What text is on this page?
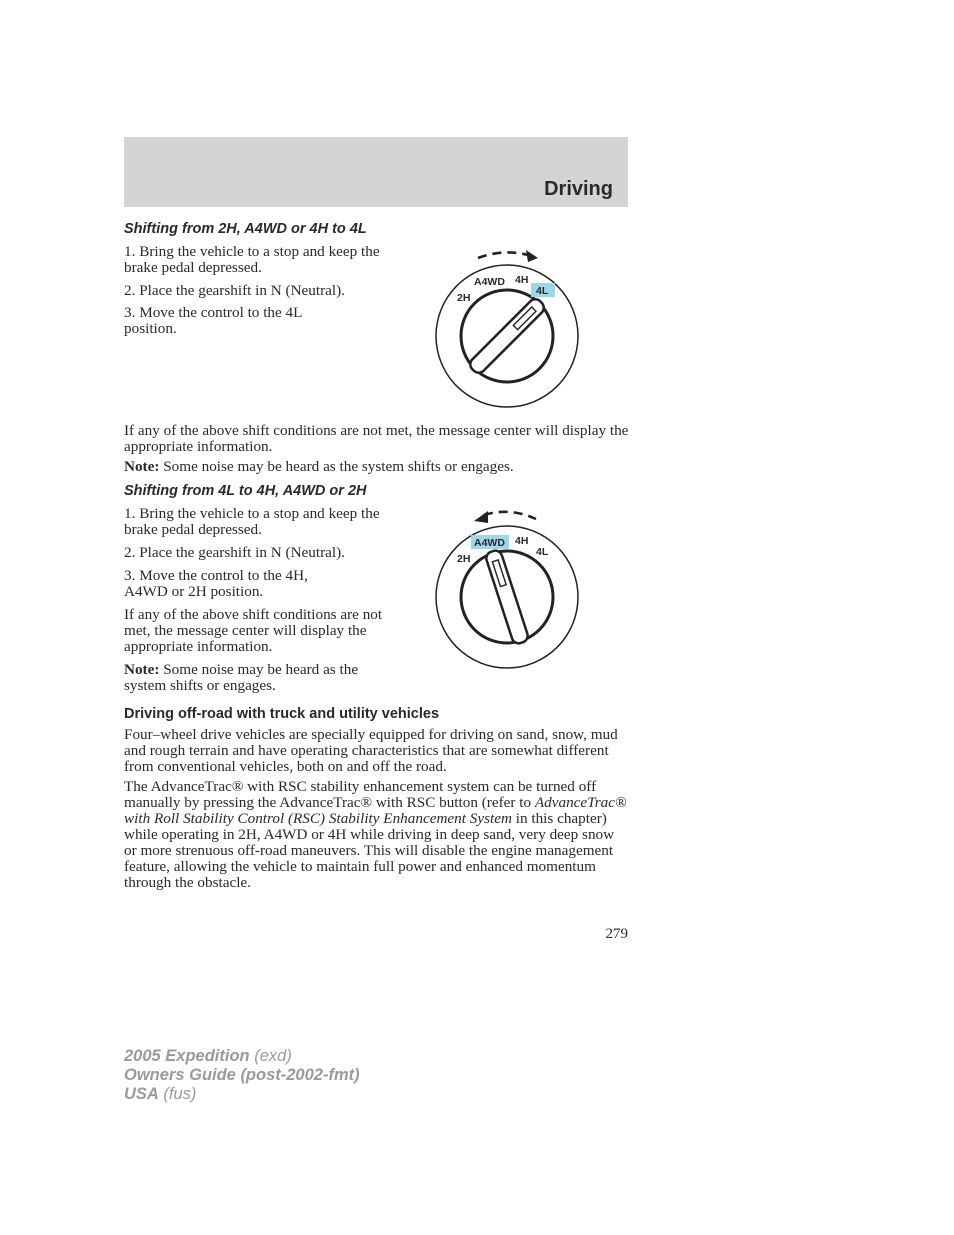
Driving
Shifting from 2H, A4WD or 4H to 4L

1. Bring the vehicle to a stop and keep the brake pedal depressed.

2. Place the gearshift in N (Neutral).

3. Move the control to the 4L position.

A4WD 4H
2H
4L

If any of the above shift conditions are not met, the message center will display the appropriate information.

Note: Some noise may be heard as the system shifts or engages.

Shifting from 4L to 4H, A4WD or 2H

1. Bring the vehicle to a stop and keep the brake pedal depressed.

2. Place the gearshift in N (Neutral).

3. Move the control to the 4H, A4WD or 2H position.

If any of the above shift conditions are not met, the message center will display the appropriate information.

Note: Some noise may be heard as the system shifts or engages.

A4WD 4H
2H
4L
Driving off-road with truck and utility vehicles

Four–wheel drive vehicles are specially equipped for driving on sand, snow, mud and rough terrain and have operating characteristics that are somewhat different from conventional vehicles, both on and off the road.

The AdvanceTrac® with RSC stability enhancement system can be turned off manually by pressing the AdvanceTrac® with RSC button (refer to AdvanceTrac® with Roll Stability Control (RSC) Stability Enhancement System in this chapter) while operating in 2H, A4WD or 4H while driving in deep sand, very deep snow or more strenuous off-road maneuvers. This will disable the engine management feature, allowing the vehicle to maintain full power and enhanced momentum through the obstacle.

279
2005 Expedition (exd)
Owners Guide (post-2002-fmt)
USA (fus)
